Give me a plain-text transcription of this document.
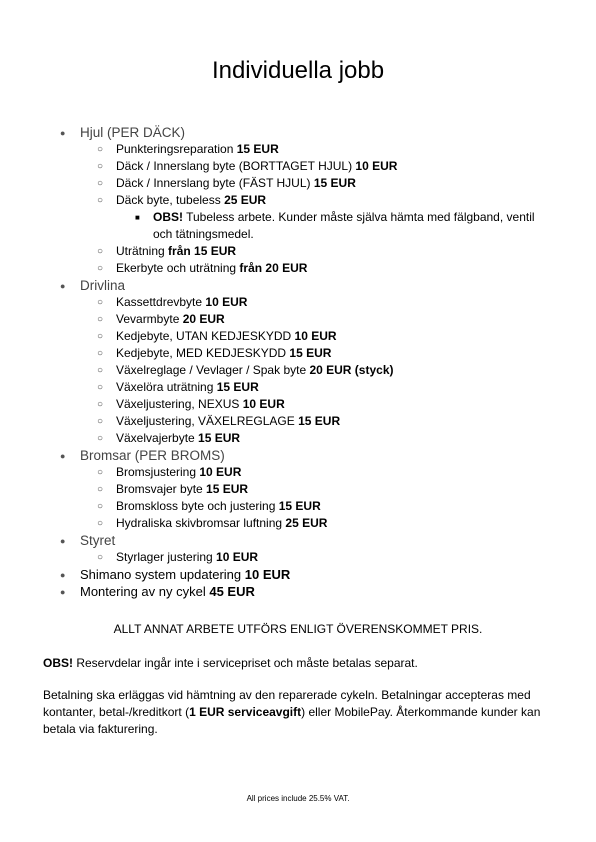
Individuella jobb
● Hjul (PER DÄCK)
○ Punkteringsreparation 15 EUR
○ Däck / Innerslang byte (BORTTAGET HJUL) 10 EUR
○ Däck / Innerslang byte (FÄST HJUL) 15 EUR
○ Däck byte, tubeless 25 EUR
■ OBS! Tubeless arbete. Kunder måste själva hämta med fälgband, ventil och tätningsmedel.
○ Uträtning från 15 EUR
○ Ekerbyte och uträtning från 20 EUR
● Drivlina
○ Kassettdrevbyte 10 EUR
○ Vevarmbyte 20 EUR
○ Kedjebyte, UTAN KEDJESKYDD 10 EUR
○ Kedjebyte, MED KEDJESKYDD 15 EUR
○ Växelreglage / Vevlager / Spak byte 20 EUR (styck)
○ Växelöra uträtning 15 EUR
○ Växeljustering, NEXUS 10 EUR
○ Växeljustering, VÄXELREGLAGE 15 EUR
○ Växelvajerbyte 15 EUR
● Bromsar (PER BROMS)
○ Bromsjustering 10 EUR
○ Bromsvajer byte 15 EUR
○ Bromskloss byte och justering 15 EUR
○ Hydraliska skivbromsar luftning 25 EUR
● Styret
○ Styrlager justering 10 EUR
● Shimano system updatering 10 EUR
● Montering av ny cykel 45 EUR
ALLT ANNAT ARBETE UTFÖRS ENLIGT ÖVERENSKOMMET PRIS.
OBS! Reservdelar ingår inte i servicepriset och måste betalas separat.
Betalning ska erläggas vid hämtning av den reparerade cykeln. Betalningar accepteras med kontanter, betal-/kreditkort (1 EUR serviceavgift) eller MobilePay. Återkommande kunder kan betala via fakturering.
All prices include 25.5% VAT.
